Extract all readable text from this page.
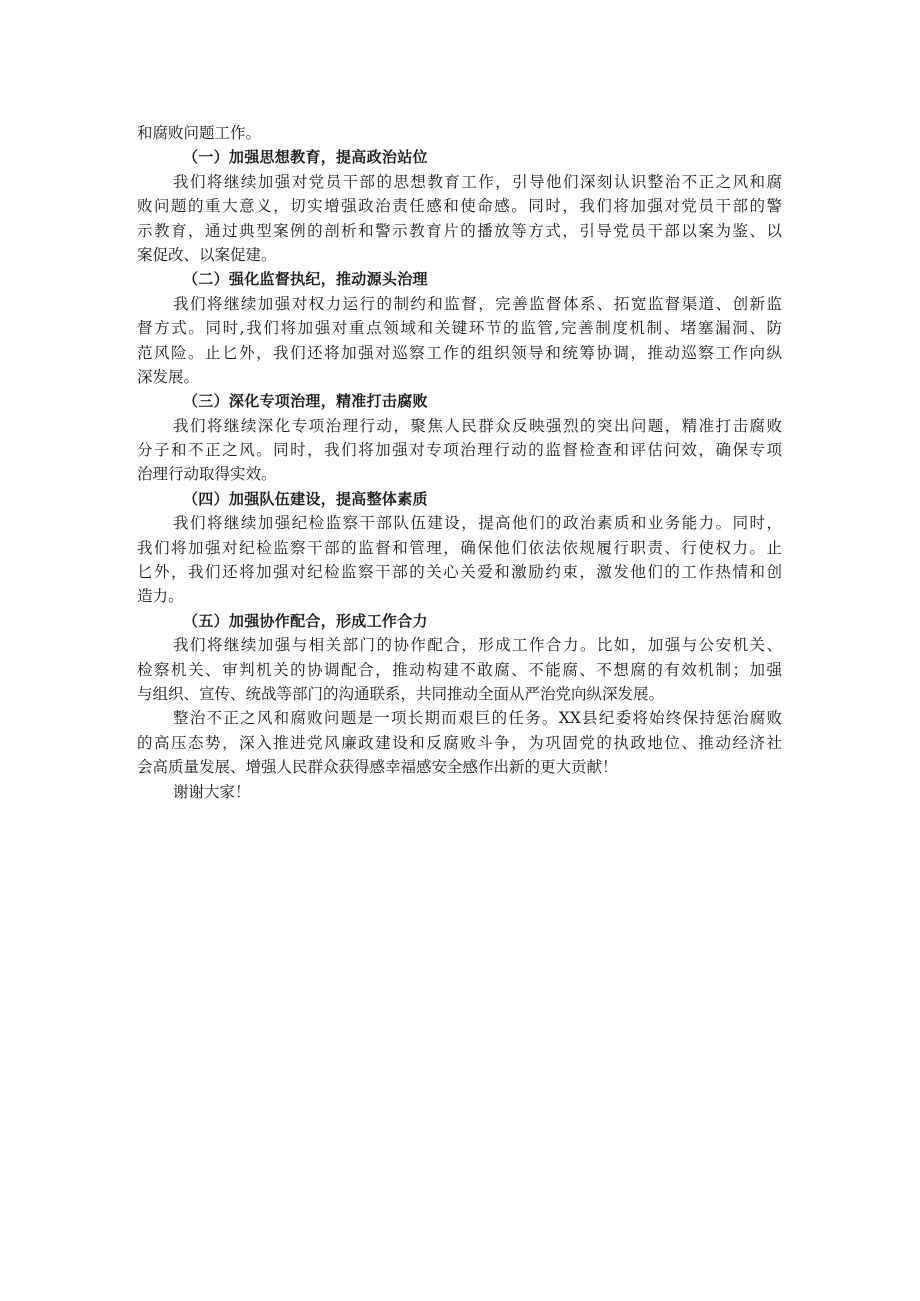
和腐败问题工作。

（一）加强思想教育，提高政治站位

我们将继续加强对党员干部的思想教育工作，引导他们深刻认识整治不正之风和腐

败问题的重大意义，切实增强政治责任感和使命感。同时，我们将加强对党员干部的警

示教育，通过典型案例的剖析和警示教育片的播放等方式，引导党员干部以案为鉴、以

案促改、以案促建。

（二）强化监督执纪，推动源头治理

我们将继续加强对权力运行的制约和监督，完善监督体系、拓宽监督渠道、创新监

督方式。同时,我们将加强对重点领域和关键环节的监管,完善制度机制、堵塞漏洞、防

范风险。止匕外，我们还将加强对巡察工作的组织领导和统筹协调，推动巡察工作向纵

深发展。

（三）深化专项治理，精准打击腐败

我们将继续深化专项治理行动，聚焦人民群众反映强烈的突出问题，精准打击腐败

分子和不正之风。同时，我们将加强对专项治理行动的监督检查和评估问效，确保专项

治理行动取得实效。

（四）加强队伍建设，提高整体素质

我们将继续加强纪检监察干部队伍建设，提高他们的政治素质和业务能力。同时，

我们将加强对纪检监察干部的监督和管理，确保他们依法依规履行职责、行使权力。止

匕外，我们还将加强对纪检监察干部的关心关爱和激励约束，激发他们的工作热情和创

造力。

（五）加强协作配合，形成工作合力

我们将继续加强与相关部门的协作配合，形成工作合力。比如，加强与公安机关、

检察机关、审判机关的协调配合，推动构建不敢腐、不能腐、不想腐的有效机制；加强

与组织、宣传、统战等部门的沟通联系，共同推动全面从严治党向纵深发展。

整治不正之风和腐败问题是一项长期而艰巨的任务。XX县纪委将始终保持惩治腐败

的高压态势，深入推进党风廉政建设和反腐败斗争，为巩固党的执政地位、推动经济社

会高质量发展、增强人民群众获得感幸福感安全感作出新的更大贡献！

谢谢大家！
